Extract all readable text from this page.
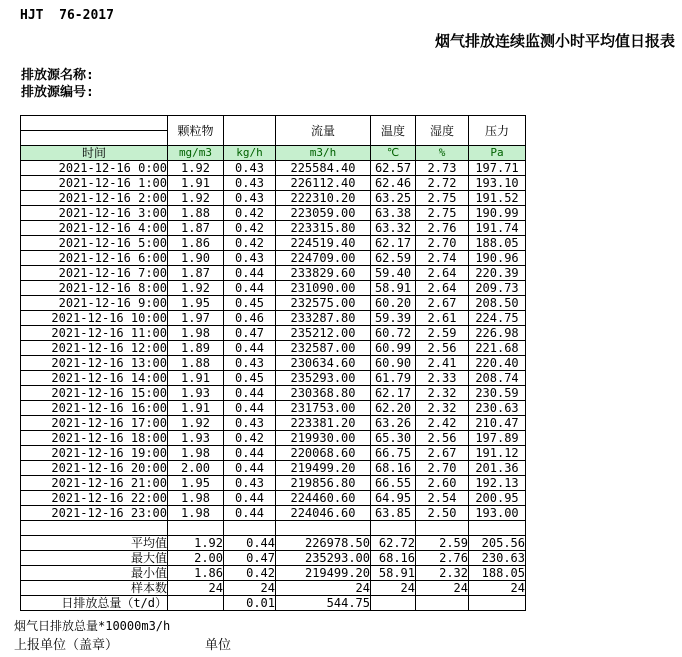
HJT  76-2017
烟气排放连续监测小时平均值日报表
排放源名称:
排放源编号:
	颗粒物		流量	温度	湿度	压力

时间	mg/m3	kg/h	m3/h	℃	%	Pa
2021-12-16 0:00	1.92	0.43	225584.40	62.57	2.73	197.71
2021-12-16 1:00	1.91	0.43	226112.40	62.46	2.72	193.10
2021-12-16 2:00	1.92	0.43	222310.20	63.25	2.75	191.52
2021-12-16 3:00	1.88	0.42	223059.00	63.38	2.75	190.99
2021-12-16 4:00	1.87	0.42	223315.80	63.32	2.76	191.74
2021-12-16 5:00	1.86	0.42	224519.40	62.17	2.70	188.05
2021-12-16 6:00	1.90	0.43	224709.00	62.59	2.74	190.96
2021-12-16 7:00	1.87	0.44	233829.60	59.40	2.64	220.39
2021-12-16 8:00	1.92	0.44	231090.00	58.91	2.64	209.73
2021-12-16 9:00	1.95	0.45	232575.00	60.20	2.67	208.50
2021-12-16 10:00	1.97	0.46	233287.80	59.39	2.61	224.75
2021-12-16 11:00	1.98	0.47	235212.00	60.72	2.59	226.98
2021-12-16 12:00	1.89	0.44	232587.00	60.99	2.56	221.68
2021-12-16 13:00	1.88	0.43	230634.60	60.90	2.41	220.40
2021-12-16 14:00	1.91	0.45	235293.00	61.79	2.33	208.74
2021-12-16 15:00	1.93	0.44	230368.80	62.17	2.32	230.59
2021-12-16 16:00	1.91	0.44	231753.00	62.20	2.32	230.63
2021-12-16 17:00	1.92	0.43	223381.20	63.26	2.42	210.47
2021-12-16 18:00	1.93	0.42	219930.00	65.30	2.56	197.89
2021-12-16 19:00	1.98	0.44	220068.60	66.75	2.67	191.12
2021-12-16 20:00	2.00	0.44	219499.20	68.16	2.70	201.36
2021-12-16 21:00	1.95	0.43	219856.80	66.55	2.60	192.13
2021-12-16 22:00	1.98	0.44	224460.60	64.95	2.54	200.95
2021-12-16 23:00	1.98	0.44	224046.60	63.85	2.50	193.00

平均值	1.92	0.44	226978.50	62.72	2.59	205.56
最大值	2.00	0.47	235293.00	68.16	2.76	230.63
最小值	1.86	0.42	219499.20	58.91	2.32	188.05
样本数	24	24	24	24	24	24
日排放总量（t/d）		0.01	544.75			
烟气日排放总量*10000m3/h
上报单位（盖章）	单位
